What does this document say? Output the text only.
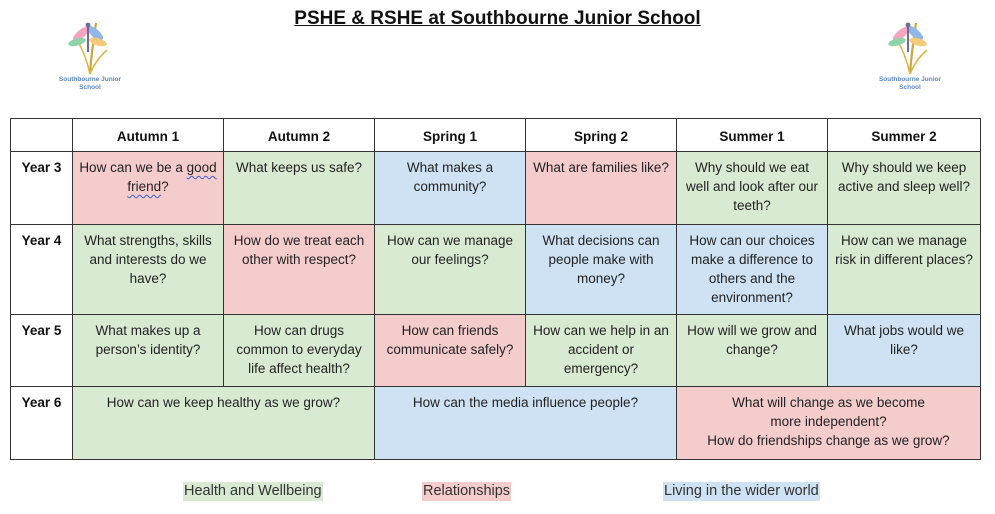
Southbourne Junior
School
PSHE & RSHE at Southbourne Junior School
Southbourne Junior
School
	Autumn 1	Autumn 2	Spring 1	Spring 2	Summer 1	Summer 2
Year 3	How can we be a good friend?	What keeps us safe?	What makes a community?	What are families like?	Why should we eat well and look after our teeth?	Why should we keep active and sleep well?
Year 4	What strengths, skills and interests do we have?	How do we treat each other with respect?	How can we manage our feelings?	What decisions can people make with money?	How can our choices make a difference to others and the environment?	How can we manage risk in different places?
Year 5	What makes up a person’s identity?	How can drugs common to everyday life affect health?	How can friends communicate safely?	How can we help in an accident or emergency?	How will we grow and change?	What jobs would we like?
Year 6	How can we keep healthy as we grow?		How can the media influence people?		What will change as we become more independent?
How do friendships change as we grow?	
Health and Wellbeing	Relationships	Living in the wider world
